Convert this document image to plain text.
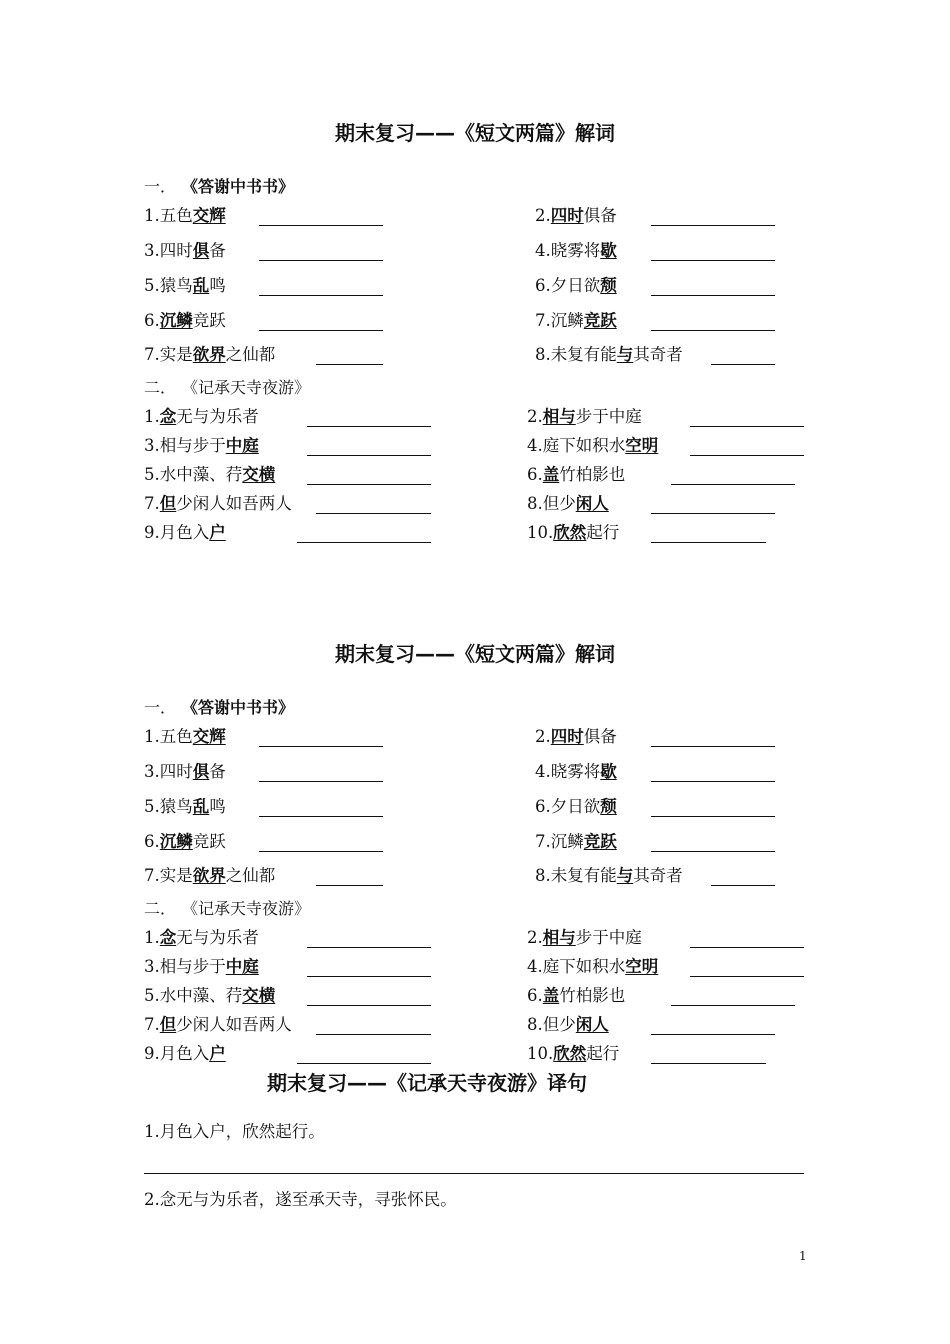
期末复习——《短文两篇》解词
一． 《答谢中书书》
1.五色交辉	2.四时俱备
3.四时俱备	4.晓雾将歇
5.猿鸟乱鸣	6.夕日欲颓
6.沉鳞竞跃	7.沉鳞竞跃
7.实是欲界之仙都	8.未复有能与其奇者
二． 《记承天寺夜游》
1.念无与为乐者	2.相与步于中庭
3.相与步于中庭	4.庭下如积水空明
5.水中藻、荇交横	6.盖竹柏影也
7.但少闲人如吾两人	8.但少闲人
9.月色入户	10.欣然起行
期末复习——《短文两篇》解词
一． 《答谢中书书》
1.五色交辉	2.四时俱备
3.四时俱备	4.晓雾将歇
5.猿鸟乱鸣	6.夕日欲颓
6.沉鳞竞跃	7.沉鳞竞跃
7.实是欲界之仙都	8.未复有能与其奇者
二． 《记承天寺夜游》
1.念无与为乐者	2.相与步于中庭
3.相与步于中庭	4.庭下如积水空明
5.水中藻、荇交横	6.盖竹柏影也
7.但少闲人如吾两人	8.但少闲人
9.月色入户	10.欣然起行
期末复习——《记承天寺夜游》译句
1.月色入户，欣然起行。
2.念无与为乐者，遂至承天寺，寻张怀民。
1
